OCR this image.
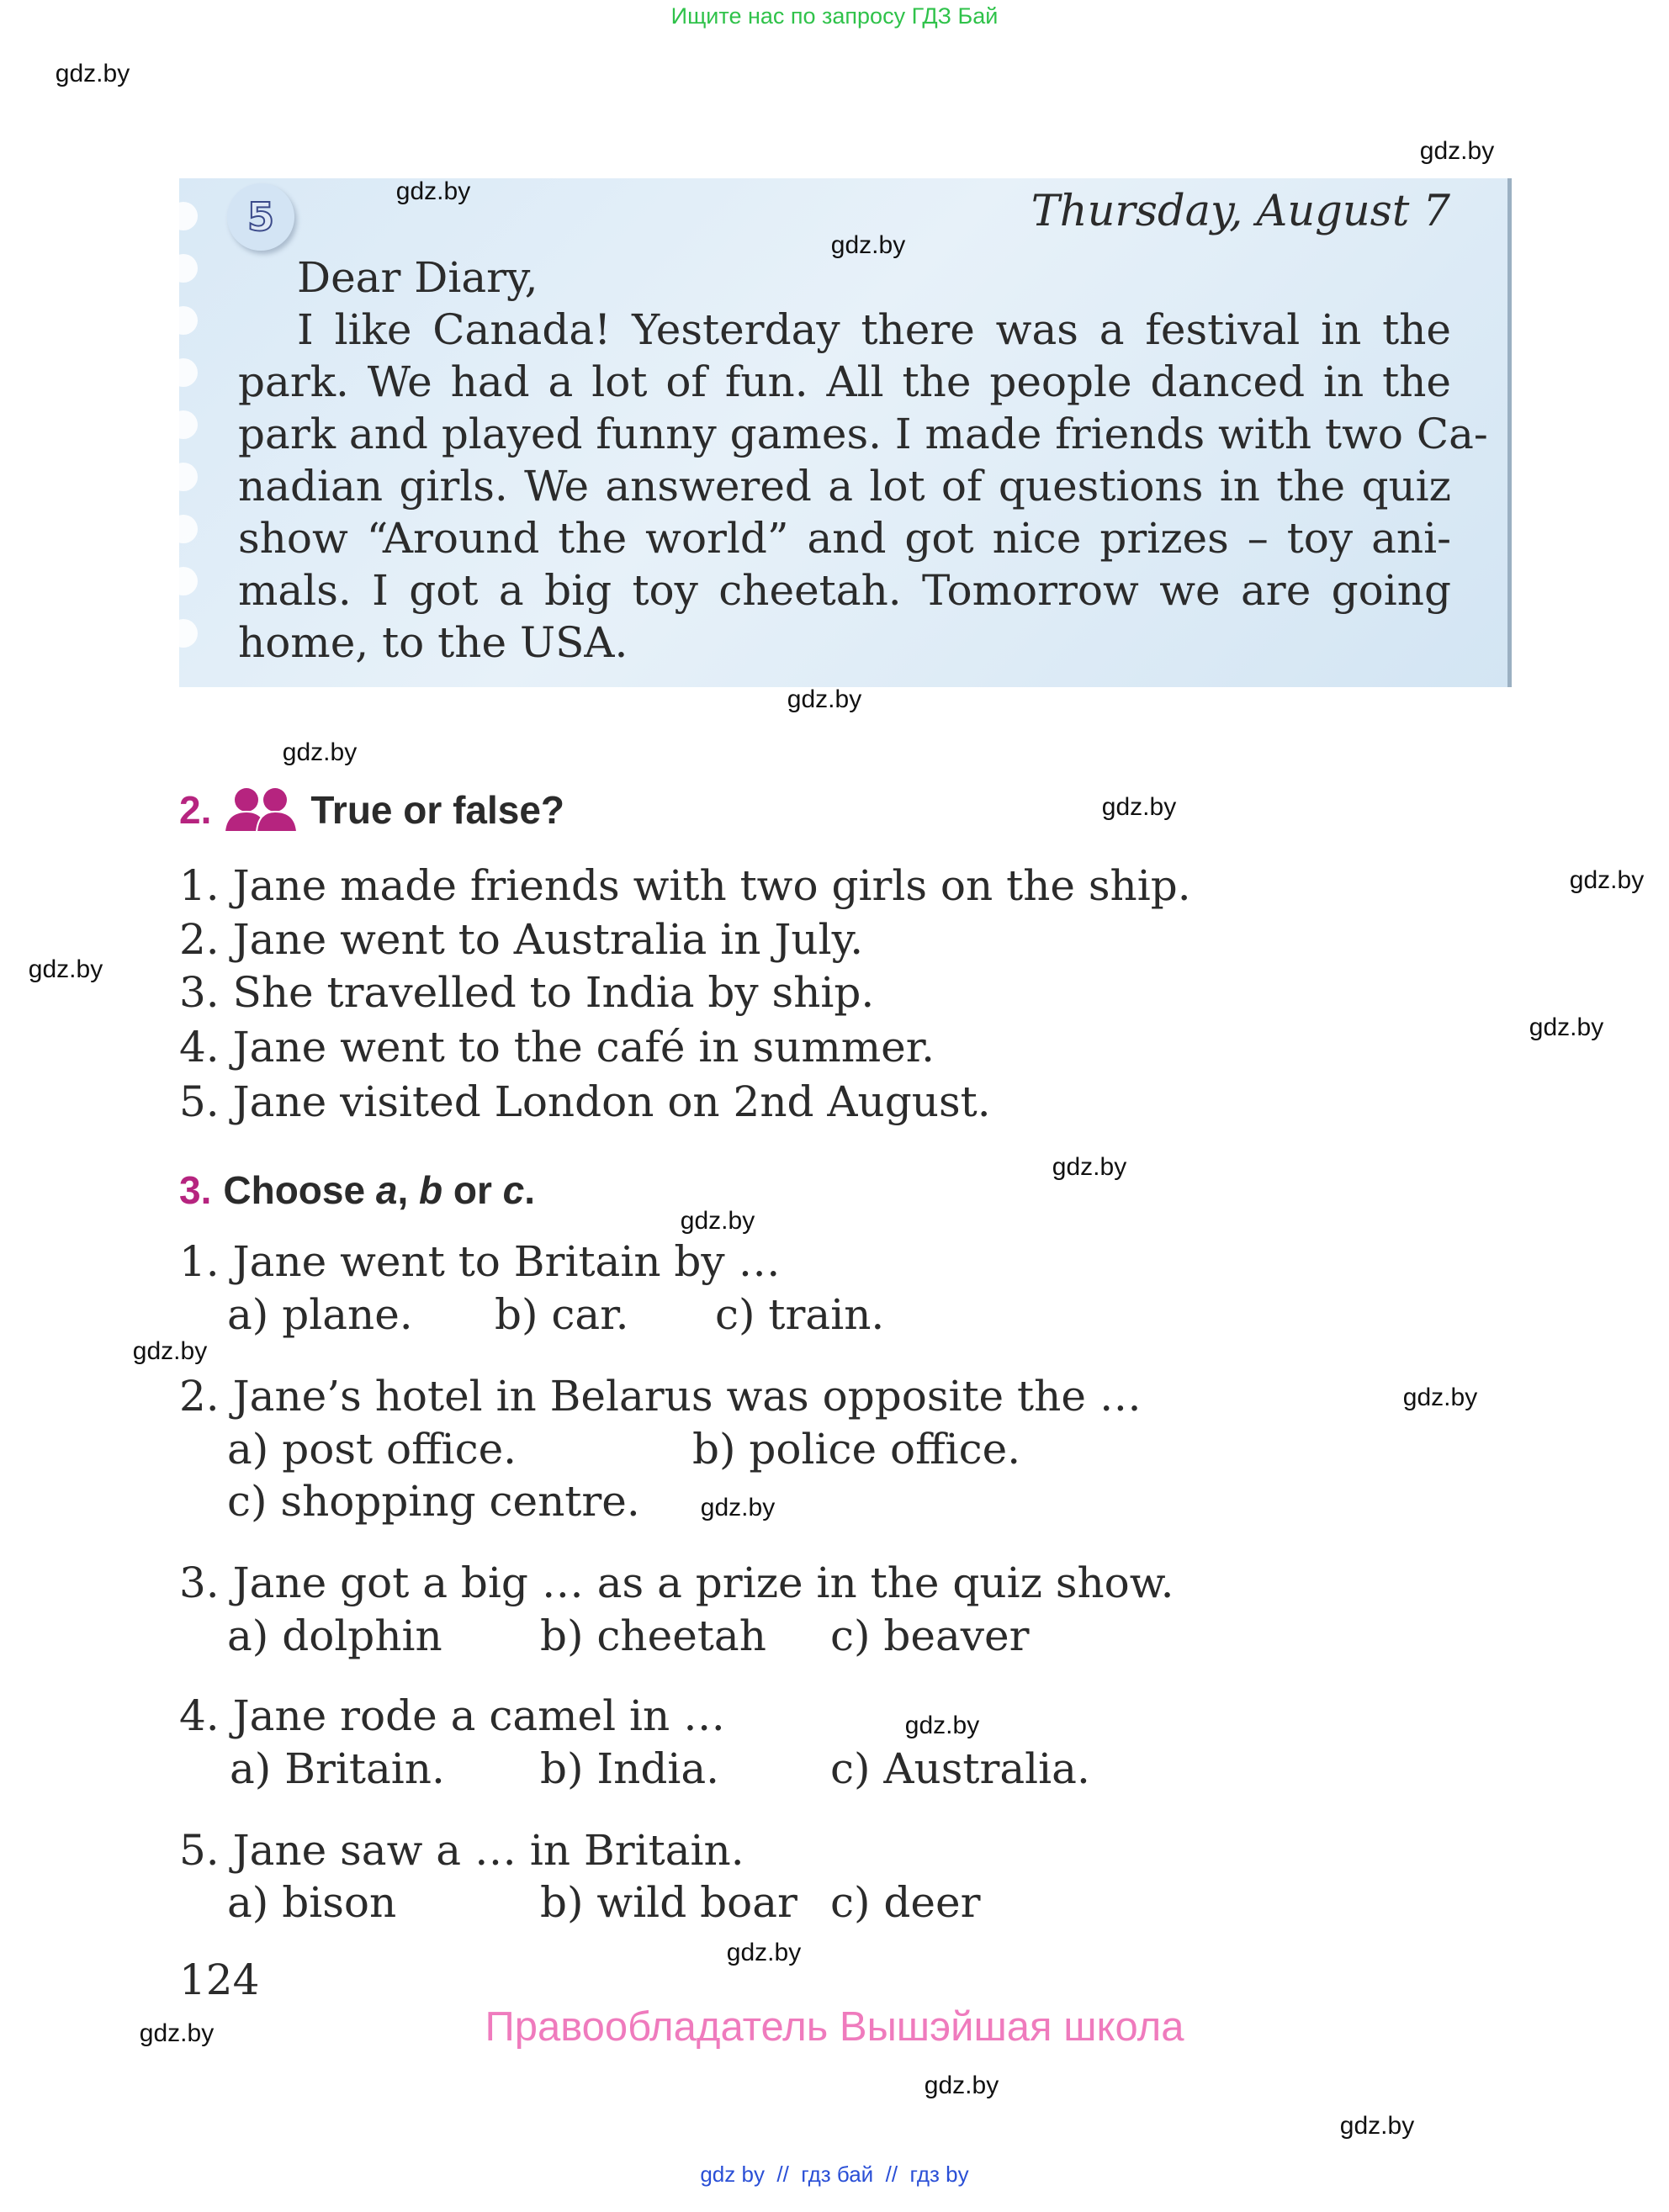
Ищите нас по запросу ГДЗ Бай
5	Thursday, August 7
Dear Diary,
I like Canada! Yesterday there was a festival in the
park. We had a lot of fun. All the people danced in the
park and played funny games. I made friends with two Ca-
nadian girls. We answered a lot of questions in the quiz
show “Around the world” and got nice prizes – toy ani-
mals. I got a big toy cheetah. Tomorrow we are going
home, to the USA.
2.	True or false?
1. Jane made friends with two girls on the ship.
2. Jane went to Australia in July.
3. She travelled to India by ship.
4. Jane went to the café in summer.
5. Jane visited London on 2nd August.
3. Choose a , b or c .
1. Jane went to Britain by …
a) plane. b) car. c) train.
2. Jane’s hotel in Belarus was opposite the …
a) post office.	b) police office.
c) shopping centre.
3. Jane got a big … as a prize in the quiz show.
a) dolphin b) cheetah c) beaver
4. Jane rode a camel in …
a) Britain. b) India.	c) Australia.
5. Jane saw a … in Britain.
a) bison	b) wild boar c) deer
124
Правообладатель Вышэйшая школа
gdz by  //  гдз бай  //  гдз by
gdz.by
gdz.by
gdz.by
gdz.by
gdz.by
gdz.by
gdz.by
gdz.by
gdz.by
gdz.by
gdz.by
gdz.by
gdz.by
gdz.by
gdz.by
gdz.by
gdz.by
gdz.by
gdz.by
gdz.by
